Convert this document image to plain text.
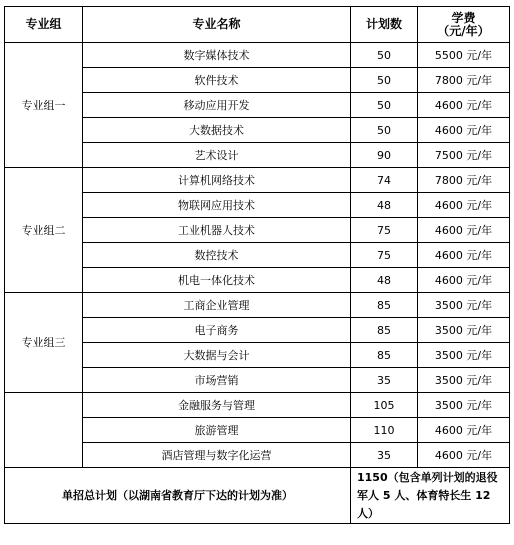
专业组	专业名称	计划数	学费
（元/年）

专业组一	数字媒体技术	50	5500 元/年
	软件技术	50	7800 元/年
	移动应用开发	50	4600 元/年
	大数据技术	50	4600 元/年
	艺术设计	90	7500 元/年
专业组二	计算机网络技术	74	7800 元/年
	物联网应用技术	48	4600 元/年
	工业机器人技术	75	4600 元/年
	数控技术	75	4600 元/年
	机电一体化技术	48	4600 元/年
专业组三	工商企业管理	85	3500 元/年
	电子商务	85	3500 元/年
	大数据与会计	85	3500 元/年
	市场营销	35	3500 元/年
	金融服务与管理	105	3500 元/年
	旅游管理	110	4600 元/年
	酒店管理与数字化运营	35	4600 元/年
单招总计划（以湖南省教育厅下达的计划为准）		1150（包含单列计划的退役军人 5 人、体育特长生 12 人）	
